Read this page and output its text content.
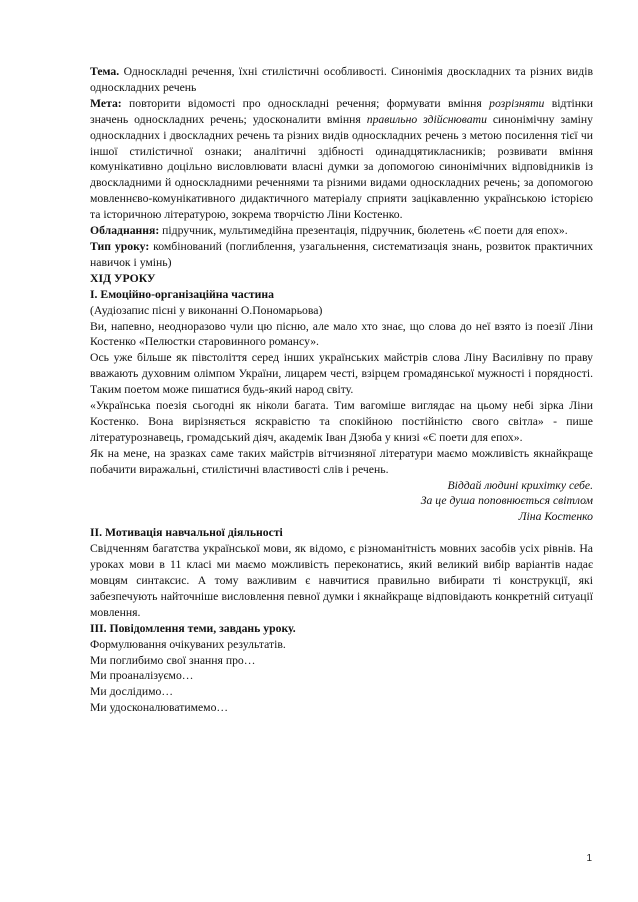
Тема. Односкладні речення, їхні стилістичні особливості. Синонімія двоскладних та різних видів односкладних речень

Мета: повторити відомості про односкладні речення; формувати вміння розрізняти відтінки значень односкладних речень; удосконалити вміння правильно здійснювати синонімічну заміну односкладних і двоскладних речень та різних видів односкладних речень з метою посилення тієї чи іншої стилістичної ознаки; аналітичні здібності одинадцятикласників; розвивати вміння комунікативно доцільно висловлювати власні думки за допомогою синонімічних відповідників із двоскладними й односкладними реченнями та різними видами односкладних речень; за допомогою мовленнєво-комунікативного дидактичного матеріалу сприяти зацікавленню українською історією та історичною літературою, зокрема творчістю Ліни Костенко.

Обладнання: підручник, мультимедійна презентація, підручник, бюлетень «Є поети для епох».

Тип уроку: комбінований (поглиблення, узагальнення, систематизація знань, розвиток практичних навичок і умінь)

ХІД УРОКУ

І. Емоційно-організаційна частина

(Аудіозапис пісні у виконанні О.Пономарьова)

Ви, напевно, неодноразово чули цю пісню, але мало хто знає, що слова до неї взято із поезії Ліни Костенко «Пелюстки старовинного романсу».

Ось уже більше як півстоліття серед інших українських майстрів слова Ліну Василівну по праву вважають духовним олімпом України, лицарем честі, взірцем громадянської мужності і порядності. Таким поетом може пишатися будь-який народ світу.

«Українська поезія сьогодні як ніколи багата. Тим вагоміше виглядає на цьому небі зірка Ліни Костенко. Вона вирізняється яскравістю та спокійною постійністю свого світла» - пише літературознавець, громадський діяч, академік Іван Дзюба у книзі «Є поети для епох».

Як на мене, на зразках саме таких майстрів вітчизняної літератури маємо можливість якнайкраще побачити виражальні, стилістичні властивості слів і речень.

Віддай людині крихітку себе.

За це душа поповнюється світлом

Ліна Костенко

ІІ. Мотивація навчальної діяльності

Свідченням багатства української мови, як відомо, є різноманітність мовних засобів усіх рівнів. На уроках мови в 11 класі ми маємо можливість переконатись, який великий вибір варіантів надає мовцям синтаксис. А тому важливим є навчитися правильно вибирати ті конструкції, які забезпечують найточніше висловлення певної думки і якнайкраще відповідають конкретній ситуації мовлення.

ІІІ. Повідомлення теми, завдань уроку.

Формулювання очікуваних результатів.

Ми поглибимо свої знання про…

Ми проаналізуємо…

Ми дослідимо…

Ми удосконалюватимемо…

1
